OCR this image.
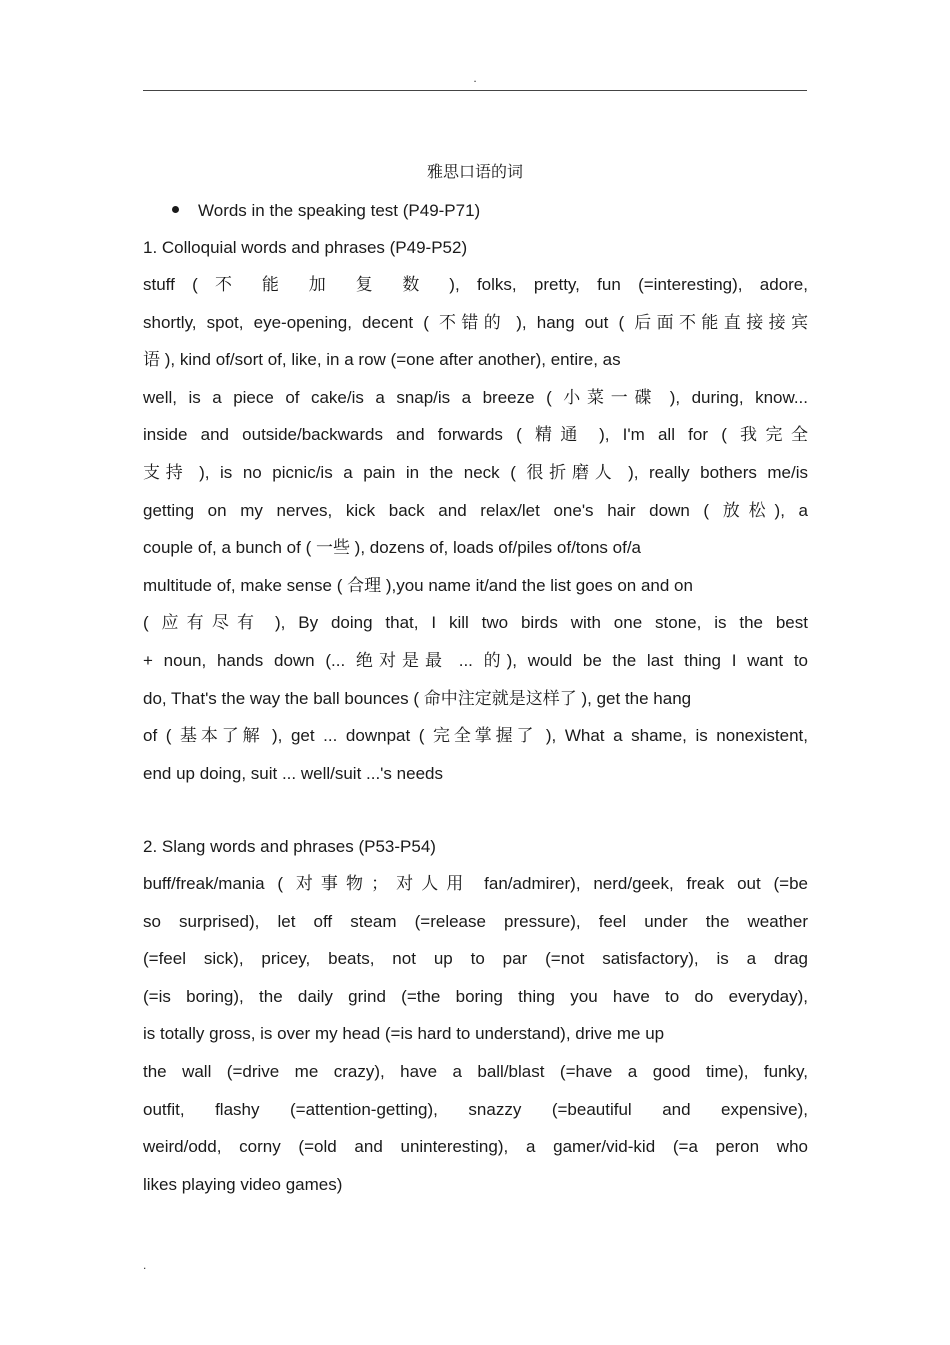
.
雅思口语的词
Words in the speaking test (P49-P71)
1. Colloquial words and phrases (P49-P52)
stuff ( 不 能 加 复 数 ), folks, pretty, fun (=interesting), adore,
shortly, spot, eye-opening, decent ( 不错的 ), hang out ( 后面不能直接接宾
语 ), kind of/sort of, like, in a row (=one after another), entire, as
well, is a piece of cake/is a snap/is a breeze ( 小菜一碟 ), during, know...
inside and outside/backwards and forwards ( 精通 ), I'm all for ( 我完全
支持 ), is no picnic/is a pain in the neck ( 很折磨人 ), really bothers me/is
getting on my nerves, kick back and relax/let one's hair down ( 放松), a
couple of, a bunch of ( 一些 ), dozens of, loads of/piles of/tons of/a
multitude of, make sense ( 合理 ),you name it/and the list goes on and on
( 应有尽有 ), By doing that, I kill two birds with one stone, is the best
+ noun, hands down (... 绝对是最 ... 的), would be the last thing I want to
do, That's the way the ball bounces ( 命中注定就是这样了 ), get the hang
of ( 基本了解 ), get ... downpat ( 完全掌握了 ), What a shame, is nonexistent,
end up doing, suit ... well/suit ...'s needs
2. Slang words and phrases (P53-P54)
buff/freak/mania ( 对事物；对人用 fan/admirer), nerd/geek, freak out (=be
so surprised), let off steam (=release pressure), feel under the weather
(=feel sick), pricey, beats, not up to par (=not satisfactory), is a drag
(=is boring), the daily grind (=the boring thing you have to do everyday),
is totally gross, is over my head (=is hard to understand), drive me up
the wall (=drive me crazy), have a ball/blast (=have a good time), funky,
outfit, flashy (=attention-getting), snazzy (=beautiful and expensive),
weird/odd, corny (=old and uninteresting), a gamer/vid-kid (=a peron who
likes playing video games)
.
